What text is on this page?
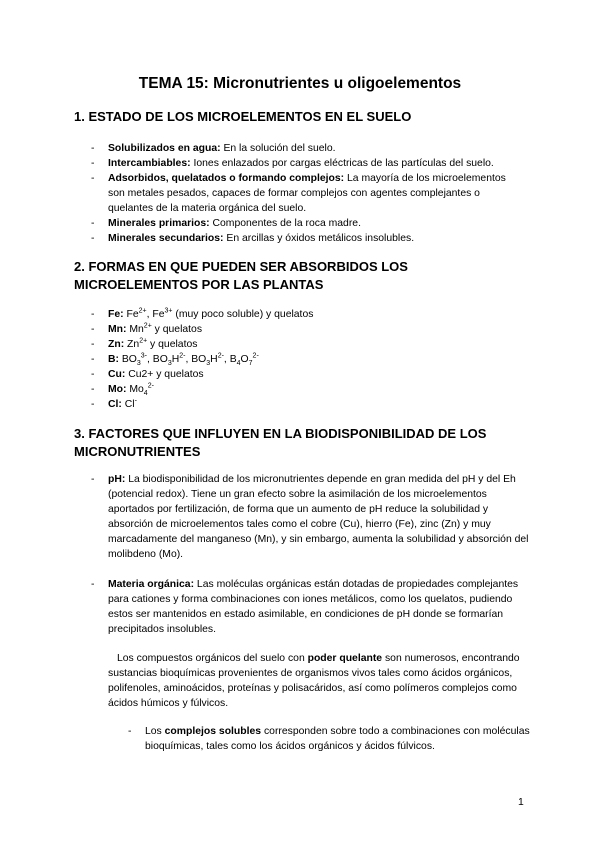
TEMA 15: Micronutrientes u oligoelementos
1. ESTADO DE LOS MICROELEMENTOS EN EL SUELO
- Solubilizados en agua: En la solución del suelo.
- Intercambiables: Iones enlazados por cargas eléctricas de las partículas del suelo.
- Adsorbidos, quelatados o formando complejos: La mayoría de los microelementos son metales pesados, capaces de formar complejos con agentes complejantes o quelantes de la materia orgánica del suelo.
- Minerales primarios: Componentes de la roca madre.
- Minerales secundarios: En arcillas y óxidos metálicos insolubles.
2. FORMAS EN QUE PUEDEN SER ABSORBIDOS LOS MICROELEMENTOS POR LAS PLANTAS
- Fe: $Fe^{2+}$, $Fe^{3+}$ (muy poco soluble) y quelatos
- Mn: $Mn^{2+}$ y quelatos
- Zn: $Zn^{2+}$ y quelatos
- B: $BO_3^{3-}$, $BO_3H^{2-}$, $BO_3H^{2-}$, $B_4O_7^{2-}$
- Cu: Cu2+ y quelatos
- Mo: $Mo_4^{2-}$
- Cl: Cl-
3. FACTORES QUE INFLUYEN EN LA BIODISPONIBILIDAD DE LOS MICRONUTRIENTES
- pH: La biodisponibilidad de los micronutrientes depende en gran medida del pH y del Eh (potencial redox). Tiene un gran efecto sobre la asimilación de los microelementos aportados por fertilización, de forma que un aumento de pH reduce la solubilidad y absorción de microelementos tales como el cobre (Cu), hierro (Fe), zinc (Zn) y muy marcadamente del manganeso (Mn), y sin embargo, aumenta la solubilidad y absorción del molibdeno (Mo).
- Materia orgánica: Las moléculas orgánicas están dotadas de propiedades complejantes para cationes y forma combinaciones con iones metálicos, como los quelatos, pudiendo estos ser mantenidos en estado asimilable, en condiciones de pH donde se formarían precipitados insolubles.

Los compuestos orgánicos del suelo con poder quelante son numerosos, encontrando sustancias bioquímicas provenientes de organismos vivos tales como ácidos orgánicos, polifenoles, aminoácidos, proteínas y polisacáridos, así como polímeros complejos como ácidos húmicos y fúlvicos.

- Los complejos solubles corresponden sobre todo a combinaciones con moléculas bioquímicas, tales como los ácidos orgánicos y ácidos fúlvicos.
1
